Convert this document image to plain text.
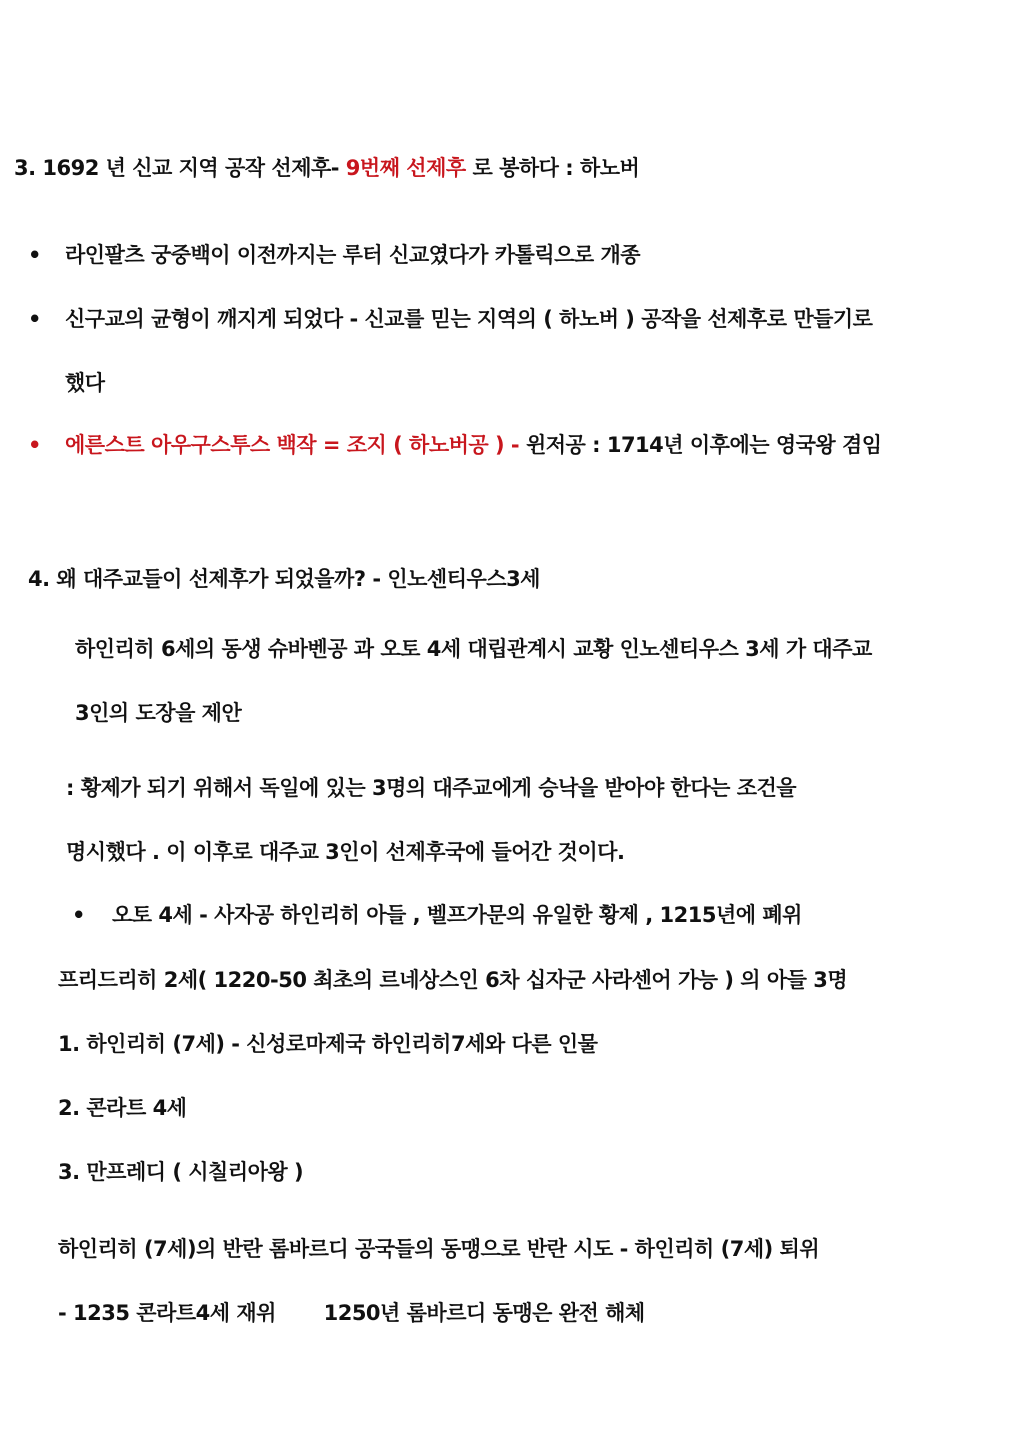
3. 1692 년 신교 지역 공작 선제후- 9번째 선제후 로 봉하다 : 하노버
• 라인팔츠 궁중백이 이전까지는 루터 신교였다가 카톨릭으로 개종
• 신구교의 균형이 깨지게 되었다 - 신교를 믿는 지역의 ( 하노버 ) 공작을 선제후로 만들기로
했다
• 에른스트 아우구스투스 백작 = 조지 ( 하노버공 ) - 윈저공 : 1714년 이후에는 영국왕 겸임
4. 왜 대주교들이 선제후가 되었을까? - 인노센티우스3세
하인리히 6세의 동생 슈바벤공 과 오토 4세 대립관계시 교황 인노센티우스 3세 가 대주교
3인의 도장을 제안
: 황제가 되기 위해서 독일에 있는 3명의 대주교에게 승낙을 받아야 한다는 조건을
명시했다 . 이 이후로 대주교 3인이 선제후국에 들어간 것이다.
• 오토 4세 - 사자공 하인리히 아들 , 벨프가문의 유일한 황제 , 1215년에 폐위
프리드리히 2세( 1220-50 최초의 르네상스인 6차 십자군 사라센어 가능 ) 의 아들 3명
1. 하인리히 (7세) - 신성로마제국 하인리히7세와 다른 인물
2. 콘라트 4세
3. 만프레디 ( 시칠리아왕 )
하인리히 (7세)의 반란 롬바르디 공국들의 동맹으로 반란 시도 - 하인리히 (7세) 퇴위
- 1235 콘라트4세 재위       1250년 롬바르디 동맹은 완전 해체
